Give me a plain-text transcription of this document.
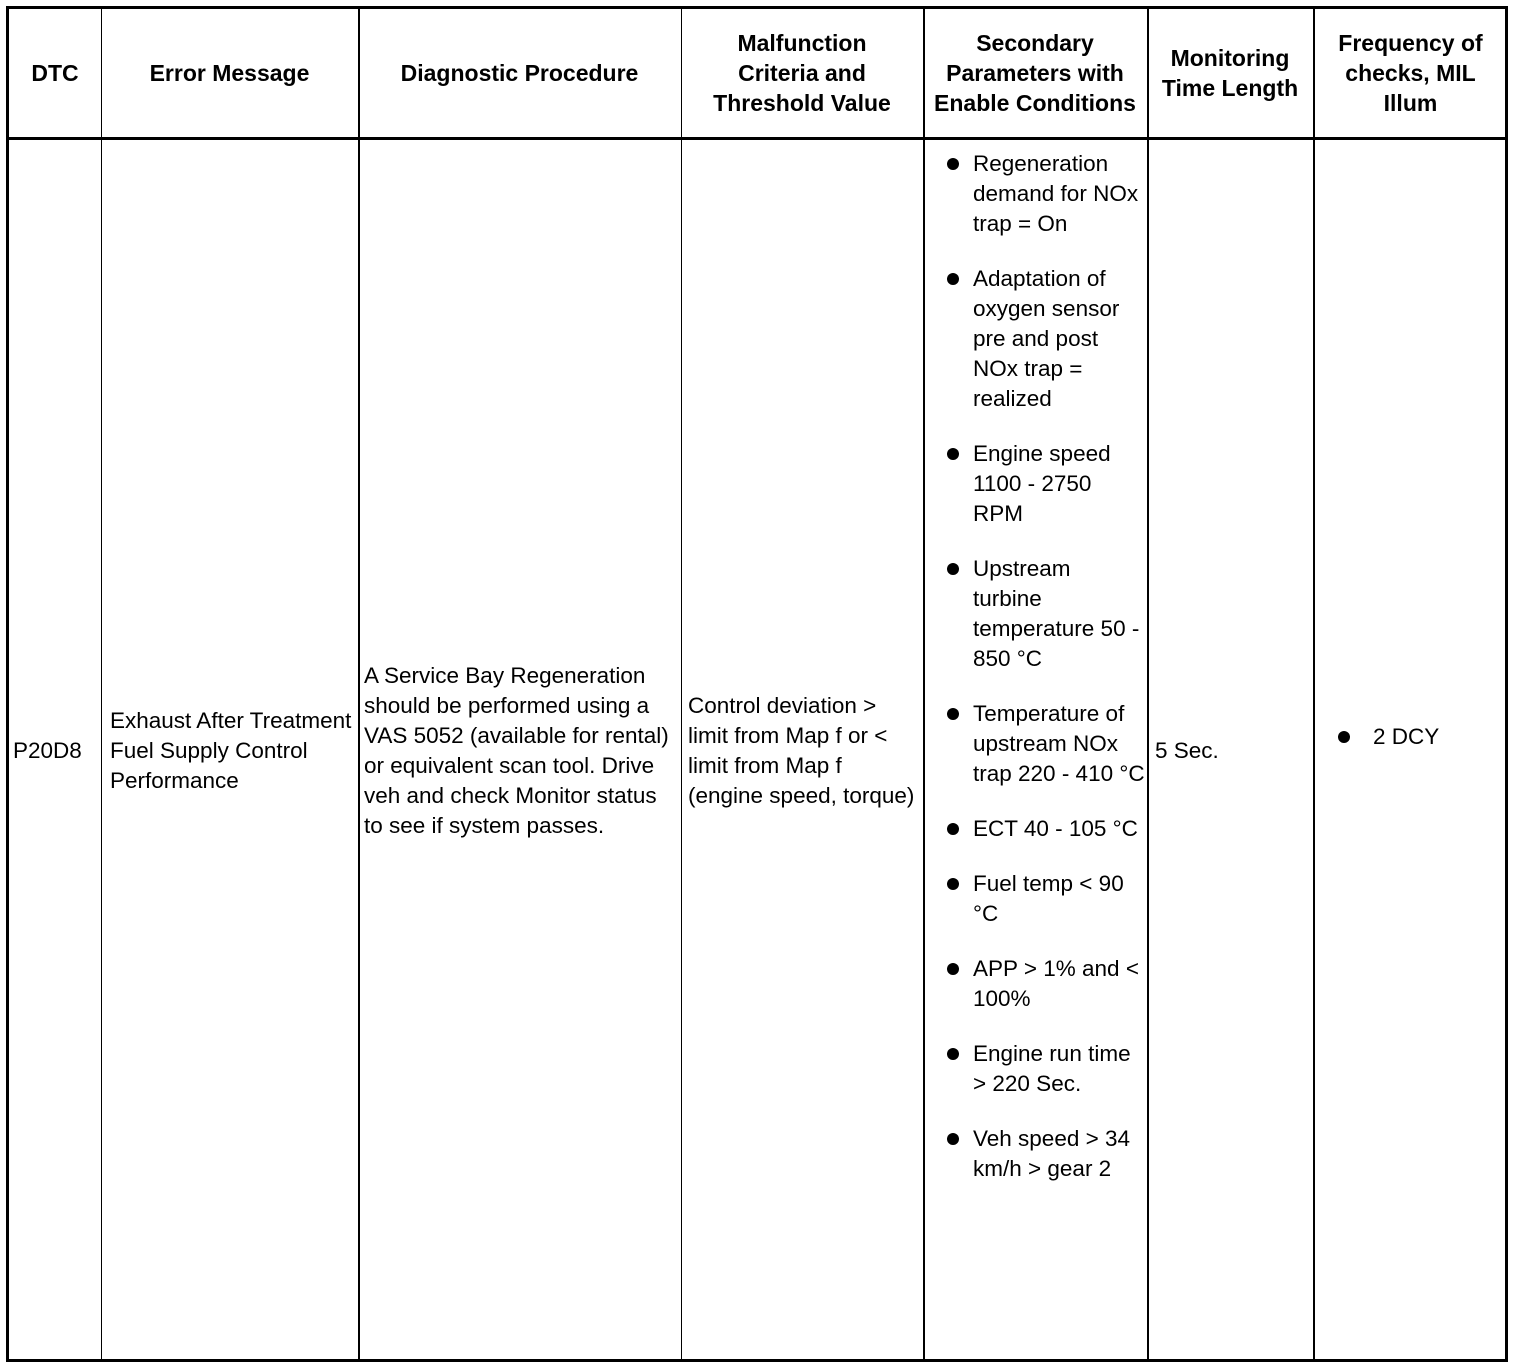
DTC	Error Message	Diagnostic Procedure
Malfunction Criteria and Threshold Value
Secondary Parameters with Enable Conditions
Monitoring Time Length
Frequency of checks, MIL Illum
P20D8
Exhaust After Treatment Fuel Supply Control Performance
A Service Bay Regeneration should be performed using a VAS 5052 (available for rental) or equivalent scan tool. Drive veh and check Monitor status to see if system passes.
Control deviation > limit from Map f or < limit from Map f (engine speed, torque)
Regeneration demand for NOx trap = On
Adaptation of oxygen sensor pre and post NOx trap = realized
Engine speed 1100 - 2750 RPM
Upstream turbine temperature 50 - 850 °C
Temperature of upstream NOx trap 220 - 410 °C
ECT 40 - 105 °C
Fuel temp < 90 °C
APP > 1% and < 100%
Engine run time > 220 Sec.
Veh speed > 34 km/h > gear 2
5 Sec.
2 DCY
